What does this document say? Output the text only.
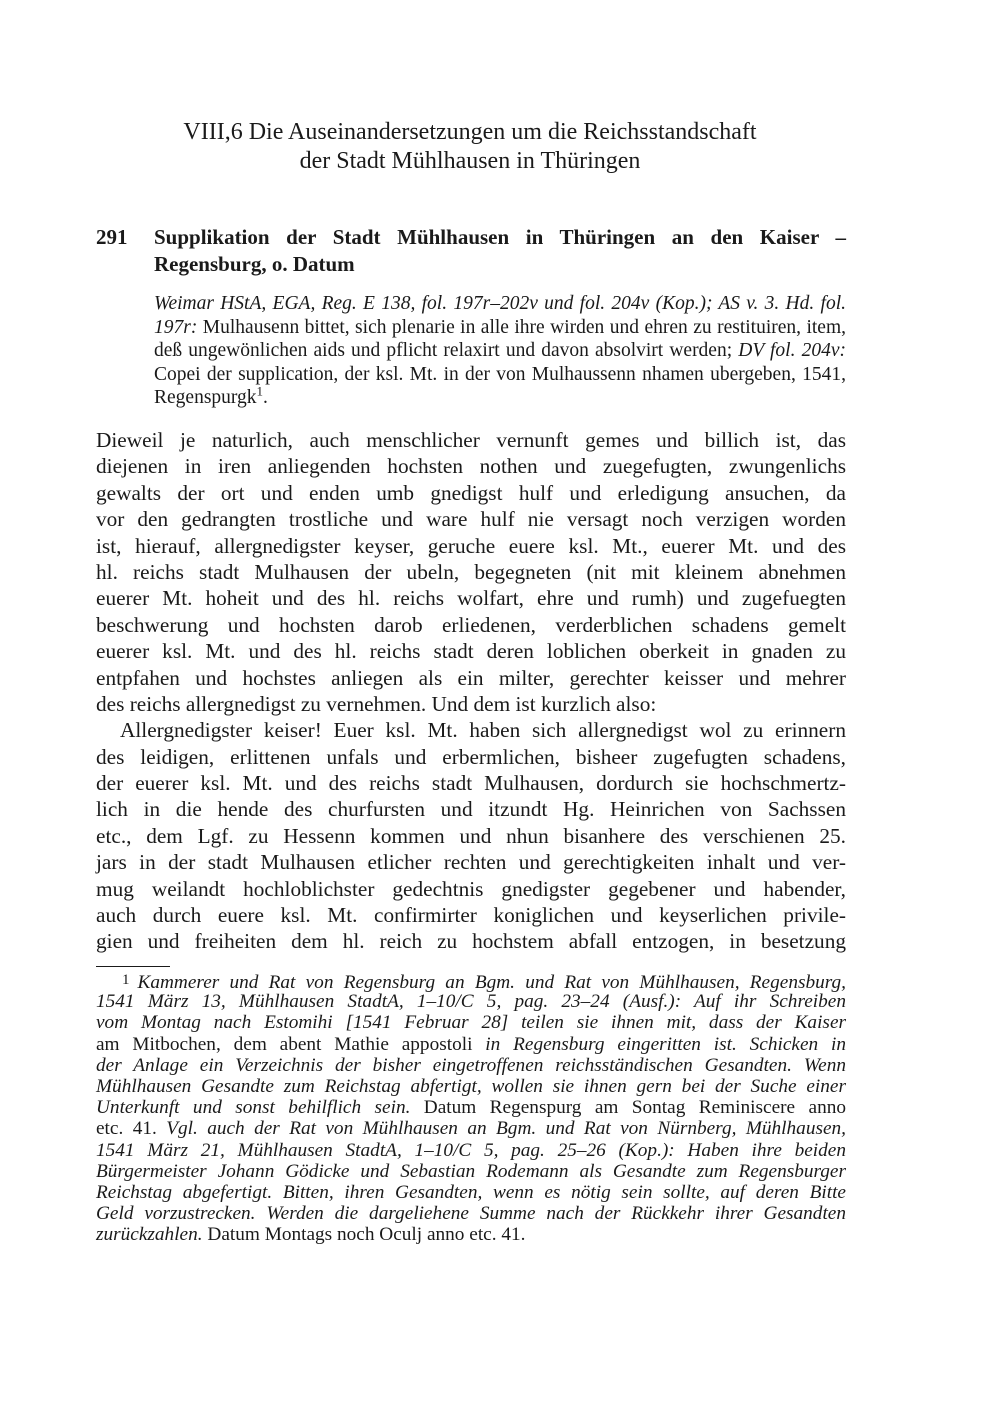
VIII,6 Die Auseinandersetzungen um die Reichsstandschaft
der Stadt Mühlhausen in Thüringen
291 Supplikation der Stadt Mühlhausen in Thüringen an den Kaiser – Regensburg, o. Datum
Weimar HStA, EGA, Reg. E 138, fol. 197r–202v und fol. 204v (Kop.); AS v. 3. Hd. fol. 197r: Mulhausenn bittet, sich plenarie in alle ihre wirden und ehren zu restituiren, item, deß ungewönlichen aids und pflicht relaxirt und davon absolvirt werden; DV fol. 204v: Copei der supplication, der ksl. Mt. in der von Mulhaussenn nhamen ubergeben, 1541, Regenspurgk$^1$.
Dieweil je naturlich, auch menschlicher vernunft gemes und billich ist, das
diejenen in iren anliegenden hochsten nothen und zuegefugten, zwungenlichs
gewalts der ort und enden umb gnedigst hulf und erledigung ansuchen, da
vor den gedrangten trostliche und ware hulf nie versagt noch verzigen worden
ist, hierauf, allergnedigster keyser, geruche euere ksl. Mt., euerer Mt. und des
hl. reichs stadt Mulhausen der ubeln, begegneten (nit mit kleinem abnehmen
euerer Mt. hoheit und des hl. reichs wolfart, ehre und rumh) und zugefuegten
beschwerung und hochsten darob erliedenen, verderblichen schadens gemelt
euerer ksl. Mt. und des hl. reichs stadt deren loblichen oberkeit in gnaden zu
entpfahen und hochstes anliegen als ein milter, gerechter keisser und mehrer
des reichs allergnedigst zu vernehmen. Und dem ist kurzlich also:
Allergnedigster keiser! Euer ksl. Mt. haben sich allergnedigst wol zu erinnern
des leidigen, erlittenen unfals und erbermlichen, bisheer zugefugten schadens,
der euerer ksl. Mt. und des reichs stadt Mulhausen, dordurch sie hochschmertz-
lich in die hende des churfursten und itzundt Hg. Heinrichen von Sachssen
etc., dem Lgf. zu Hessenn kommen und nhun bisanhere des verschienen 25.
jars in der stadt Mulhausen etlicher rechten und gerechtigkeiten inhalt und ver-
mug weilandt hochloblichster gedechtnis gnedigster gegebener und habender,
auch durch euere ksl. Mt. confirmirter koniglichen und keyserlichen privile-
gien und freiheiten dem hl. reich zu hochstem abfall entzogen, in besetzung
$^1$ Kammerer und Rat von Regensburg an Bgm. und Rat von Mühlhausen, Regensburg,
1541 März 13, Mühlhausen StadtA, 1–10/C 5, pag. 23–24 (Ausf.): Auf ihr Schreiben
vom Montag nach Estomihi [1541 Februar 28] teilen sie ihnen mit, dass der Kaiser
am Mitbochen, dem abent Mathie appostoli in Regensburg eingeritten ist. Schicken in
der Anlage ein Verzeichnis der bisher eingetroffenen reichsständischen Gesandten. Wenn
Mühlhausen Gesandte zum Reichstag abfertigt, wollen sie ihnen gern bei der Suche einer
Unterkunft und sonst behilflich sein. Datum Regenspurg am Sontag Reminiscere anno
etc. 41. Vgl. auch der Rat von Mühlhausen an Bgm. und Rat von Nürnberg, Mühlhausen,
1541 März 21, Mühlhausen StadtA, 1–10/C 5, pag. 25–26 (Kop.): Haben ihre beiden
Bürgermeister Johann Gödicke und Sebastian Rodemann als Gesandte zum Regensburger
Reichstag abgefertigt. Bitten, ihren Gesandten, wenn es nötig sein sollte, auf deren Bitte
Geld vorzustrecken. Werden die dargeliehene Summe nach der Rückkehr ihrer Gesandten
zurückzahlen. Datum Montags noch Oculj anno etc. 41.
